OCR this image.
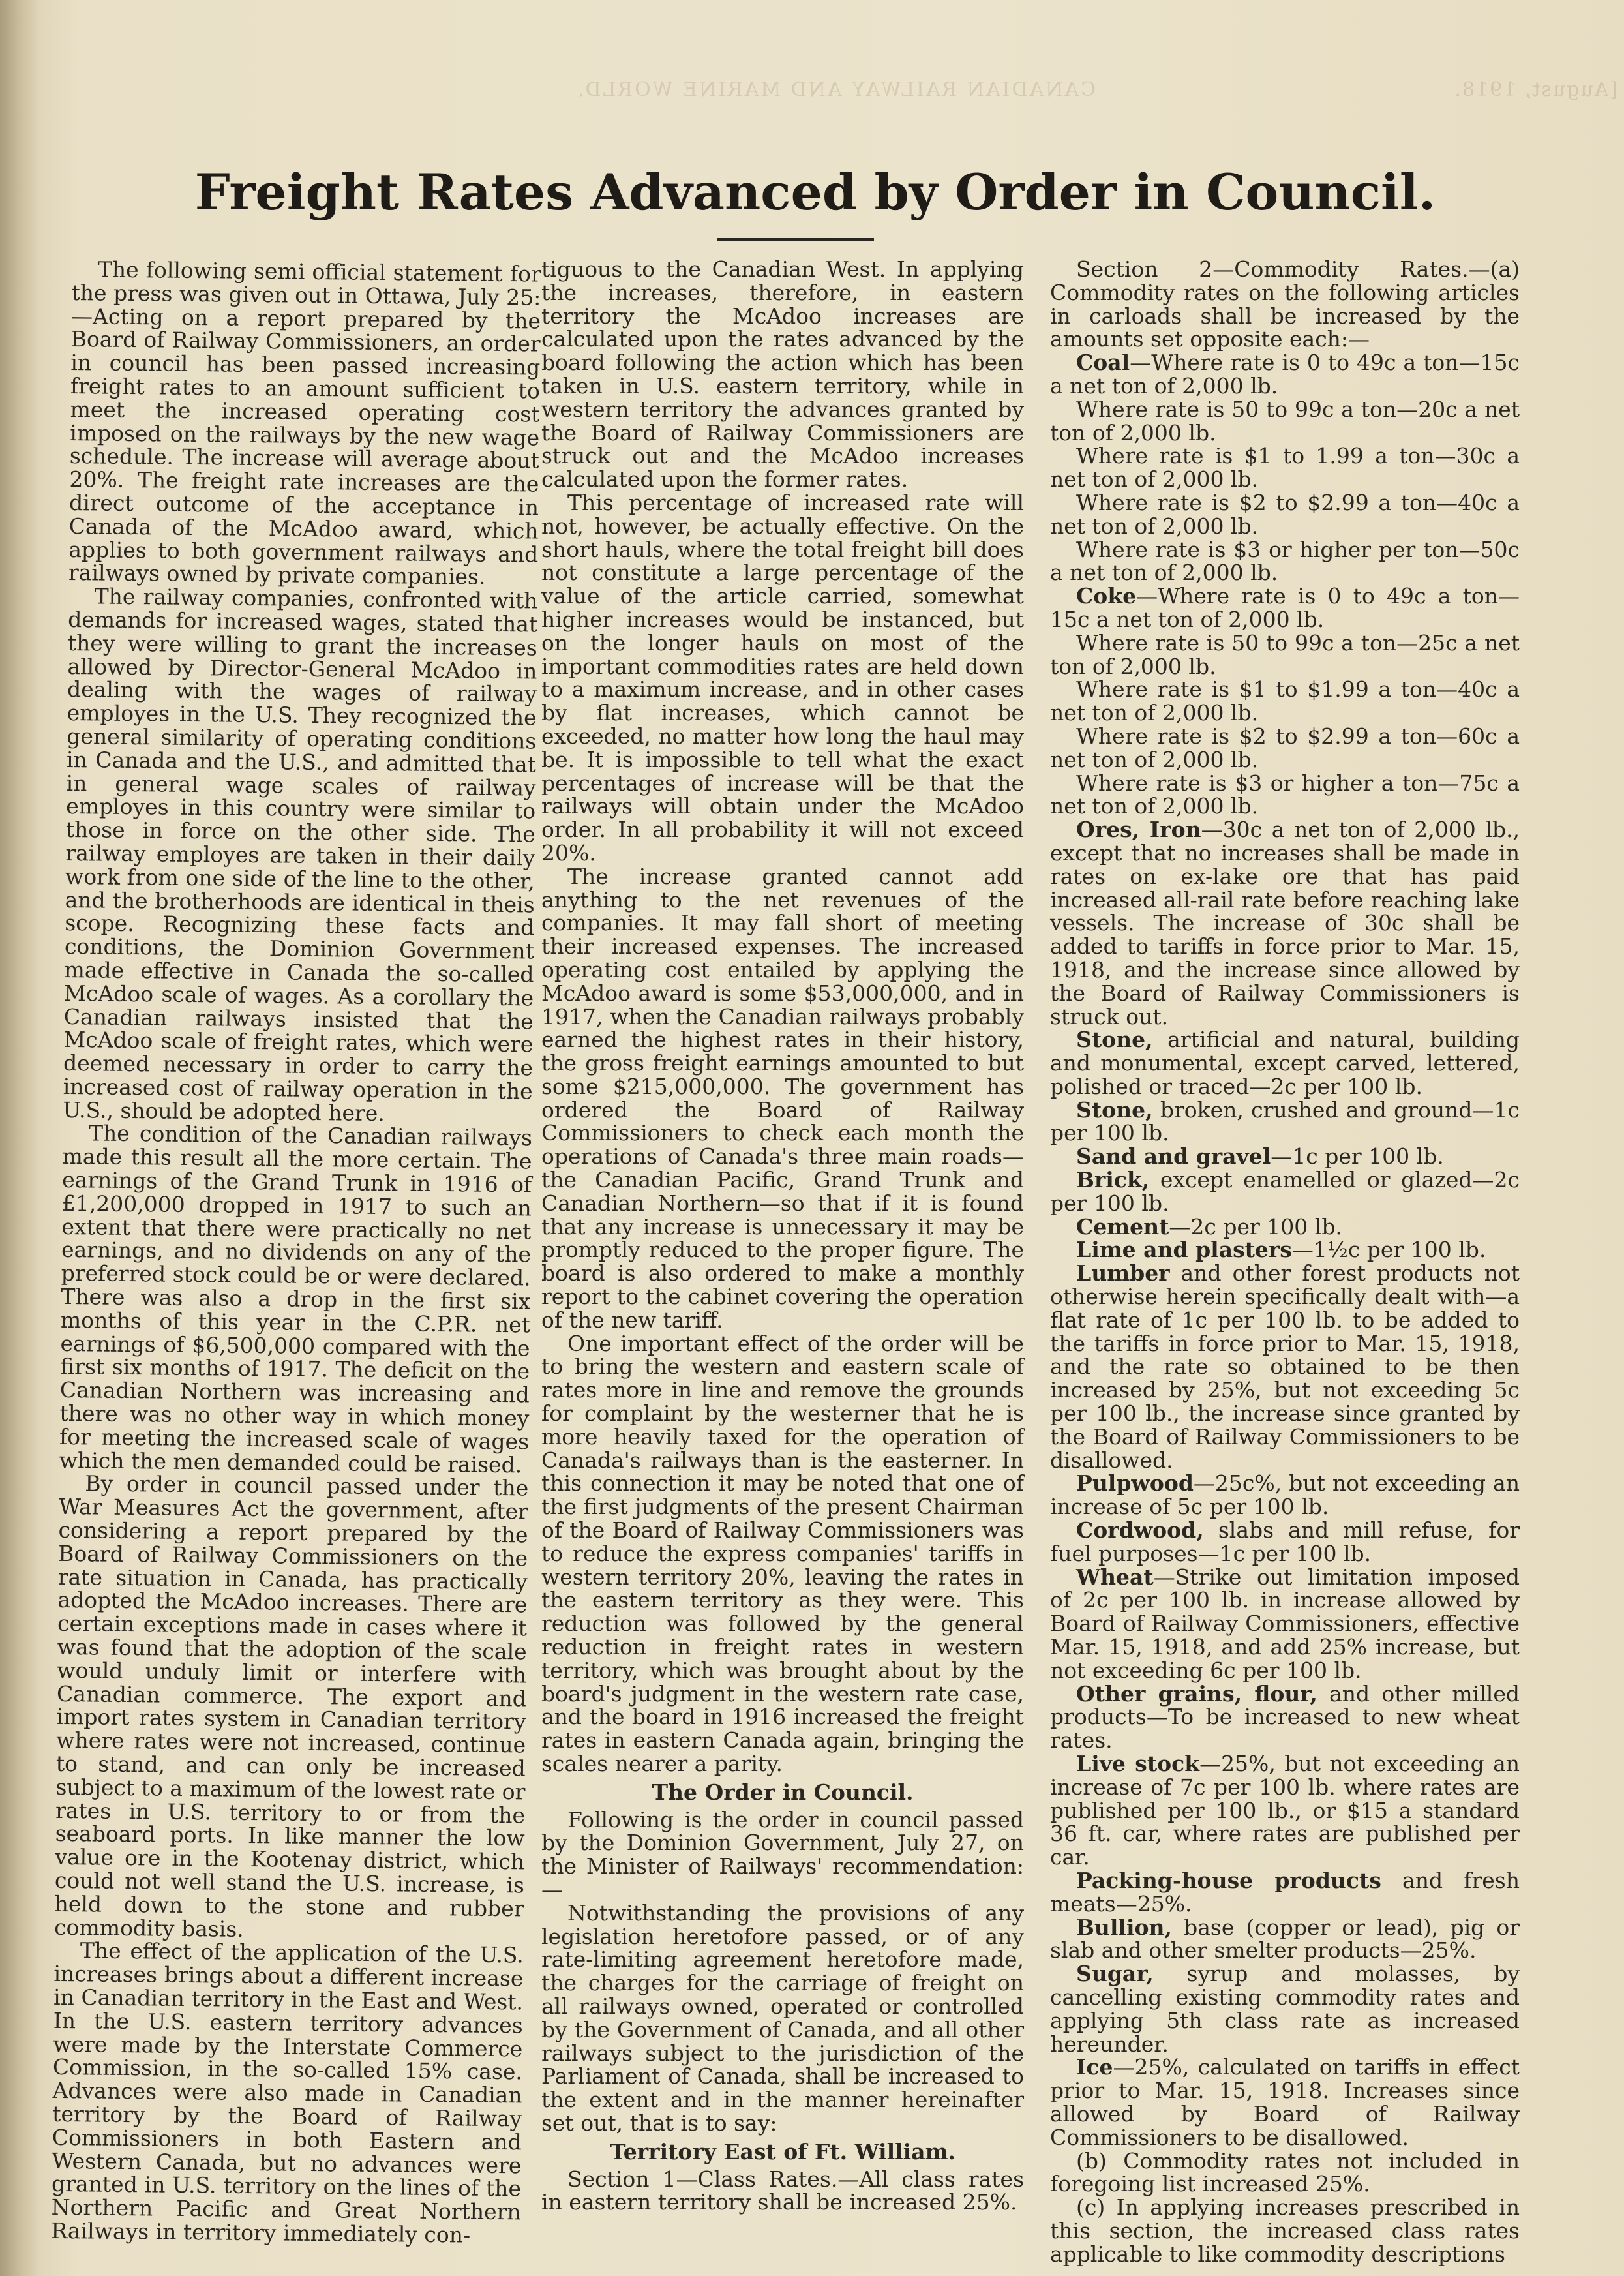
CANADIAN RAILWAY AND MARINE WORLD.	[August, 1918.
Freight Rates Advanced by Order in Council.

The following semi official statement for the press was given out in Ottawa, July 25:—Acting on a report prepared by the Board of Railway Commissioners, an order in council has been passed increasing freight rates to an amount sufficient to meet the increased operating cost imposed on the railways by the new wage schedule. The increase will average about 20%. The freight rate increases are the direct outcome of the acceptance in Canada of the McAdoo award, which applies to both government railways and railways owned by private companies.

The railway companies, confronted with demands for increased wages, stated that they were willing to grant the increases allowed by Director-General McAdoo in dealing with the wages of railway employes in the U.S. They recognized the general similarity of operating conditions in Canada and the U.S., and admitted that in general wage scales of railway employes in this country were similar to those in force on the other side. The railway employes are taken in their daily work from one side of the line to the other, and the brotherhoods are identical in theis scope. Recognizing these facts and conditions, the Dominion Government made effective in Canada the so-called McAdoo scale of wages. As a corollary the Canadian railways insisted that the McAdoo scale of freight rates, which were deemed necessary in order to carry the increased cost of railway operation in the U.S., should be adopted here.

The condition of the Canadian railways made this result all the more certain. The earnings of the Grand Trunk in 1916 of £1,200,000 dropped in 1917 to such an extent that there were practically no net earnings, and no dividends on any of the preferred stock could be or were declared. There was also a drop in the first six months of this year in the C.P.R. net earnings of $6,500,000 compared with the first six months of 1917. The deficit on the Canadian Northern was increasing and there was no other way in which money for meeting the increased scale of wages which the men demanded could be raised.

By order in council passed under the War Measures Act the government, after considering a report prepared by the Board of Railway Commissioners on the rate situation in Canada, has practically adopted the McAdoo increases. There are certain exceptions made in cases where it was found that the adoption of the scale would unduly limit or interfere with Canadian commerce. The export and import rates system in Canadian territory where rates were not increased, continue to stand, and can only be increased subject to a maximum of the lowest rate or rates in U.S. territory to or from the seaboard ports. In like manner the low value ore in the Kootenay district, which could not well stand the U.S. increase, is held down to the stone and rubber commodity basis.

The effect of the application of the U.S. increases brings about a different increase in Canadian territory in the East and West. In the U.S. eastern territory advances were made by the Interstate Commerce Commission, in the so-called 15% case. Advances were also made in Canadian territory by the Board of Railway Commissioners in both Eastern and Western Canada, but no advances were granted in U.S. territory on the lines of the Northern Pacific and Great Northern Railways in territory immediately con-

tiguous to the Canadian West. In applying the increases, therefore, in eastern territory the McAdoo increases are calculated upon the rates advanced by the board following the action which has been taken in U.S. eastern territory, while in western territory the advances granted by the Board of Railway Commissioners are struck out and the McAdoo increases calculated upon the former rates.

This percentage of increased rate will not, however, be actually effective. On the short hauls, where the total freight bill does not constitute a large percentage of the value of the article carried, somewhat higher increases would be instanced, but on the longer hauls on most of the important commodities rates are held down to a maximum increase, and in other cases by flat increases, which cannot be exceeded, no matter how long the haul may be. It is impossible to tell what the exact percentages of increase will be that the railways will obtain under the McAdoo order. In all probability it will not exceed 20%.

The increase granted cannot add anything to the net revenues of the companies. It may fall short of meeting their increased expenses. The increased operating cost entailed by applying the McAdoo award is some $53,000,000, and in 1917, when the Canadian railways probably earned the highest rates in their history, the gross freight earnings amounted to but some $215,000,000. The government has ordered the Board of Railway Commissioners to check each month the operations of Canada's three main roads—the Canadian Pacific, Grand Trunk and Canadian Northern—so that if it is found that any increase is unnecessary it may be promptly reduced to the proper figure. The board is also ordered to make a monthly report to the cabinet covering the operation of the new tariff.

One important effect of the order will be to bring the western and eastern scale of rates more in line and remove the grounds for complaint by the westerner that he is more heavily taxed for the operation of Canada's railways than is the easterner. In this connection it may be noted that one of the first judgments of the present Chairman of the Board of Railway Commissioners was to reduce the express companies' tariffs in western territory 20%, leaving the rates in the eastern territory as they were. This reduction was followed by the general reduction in freight rates in western territory, which was brought about by the board's judgment in the western rate case, and the board in 1916 increased the freight rates in eastern Canada again, bringing the scales nearer a parity.

The Order in Council.

Following is the order in council passed by the Dominion Government, July 27, on the Minister of Railways' recommendation:—

Notwithstanding the provisions of any legislation heretofore passed, or of any rate-limiting agreement heretofore made, the charges for the carriage of freight on all railways owned, operated or controlled by the Government of Canada, and all other railways subject to the jurisdiction of the Parliament of Canada, shall be increased to the extent and in the manner hereinafter set out, that is to say:

Territory East of Ft. William.

Section 1—Class Rates.—All class rates in eastern territory shall be increased 25%.

Section 2—Commodity Rates.—(a) Commodity rates on the following articles in carloads shall be increased by the amounts set opposite each:—

Coal—Where rate is 0 to 49c a ton—15c a net ton of 2,000 lb.

Where rate is 50 to 99c a ton—20c a net ton of 2,000 lb.

Where rate is $1 to 1.99 a ton—30c a net ton of 2,000 lb.

Where rate is $2 to $2.99 a ton—40c a net ton of 2,000 lb.

Where rate is $3 or higher per ton—50c a net ton of 2,000 lb.

Coke—Where rate is 0 to 49c a ton—15c a net ton of 2,000 lb.

Where rate is 50 to 99c a ton—25c a net ton of 2,000 lb.

Where rate is $1 to $1.99 a ton—40c a net ton of 2,000 lb.

Where rate is $2 to $2.99 a ton—60c a net ton of 2,000 lb.

Where rate is $3 or higher a ton—75c a net ton of 2,000 lb.

Ores, Iron—30c a net ton of 2,000 lb., except that no increases shall be made in rates on ex-lake ore that has paid increased all-rail rate before reaching lake vessels. The increase of 30c shall be added to tariffs in force prior to Mar. 15, 1918, and the increase since allowed by the Board of Railway Commissioners is struck out.

Stone, artificial and natural, building and monumental, except carved, lettered, polished or traced—2c per 100 lb.

Stone, broken, crushed and ground—1c per 100 lb.

Sand and gravel—1c per 100 lb.

Brick, except enamelled or glazed—2c per 100 lb.

Cement—2c per 100 lb.

Lime and plasters—1½c per 100 lb.

Lumber and other forest products not otherwise herein specifically dealt with—a flat rate of 1c per 100 lb. to be added to the tariffs in force prior to Mar. 15, 1918, and the rate so obtained to be then increased by 25%, but not exceeding 5c per 100 lb., the increase since granted by the Board of Railway Commissioners to be disallowed.

Pulpwood—25c%, but not exceeding an increase of 5c per 100 lb.

Cordwood, slabs and mill refuse, for fuel purposes—1c per 100 lb.

Wheat—Strike out limitation imposed of 2c per 100 lb. in increase allowed by Board of Railway Commissioners, effective Mar. 15, 1918, and add 25% increase, but not exceeding 6c per 100 lb.

Other grains, flour, and other milled products—To be increased to new wheat rates.

Live stock—25%, but not exceeding an increase of 7c per 100 lb. where rates are published per 100 lb., or $15 a standard 36 ft. car, where rates are published per car.

Packing-house products and fresh meats—25%.

Bullion, base (copper or lead), pig or slab and other smelter products—25%.

Sugar, syrup and molasses, by cancelling existing commodity rates and applying 5th class rate as increased hereunder.

Ice—25%, calculated on tariffs in effect prior to Mar. 15, 1918. Increases since allowed by Board of Railway Commissioners to be disallowed.

(b) Commodity rates not included in foregoing list increased 25%.

(c) In applying increases prescribed in this section, the increased class rates applicable to like commodity descriptions
